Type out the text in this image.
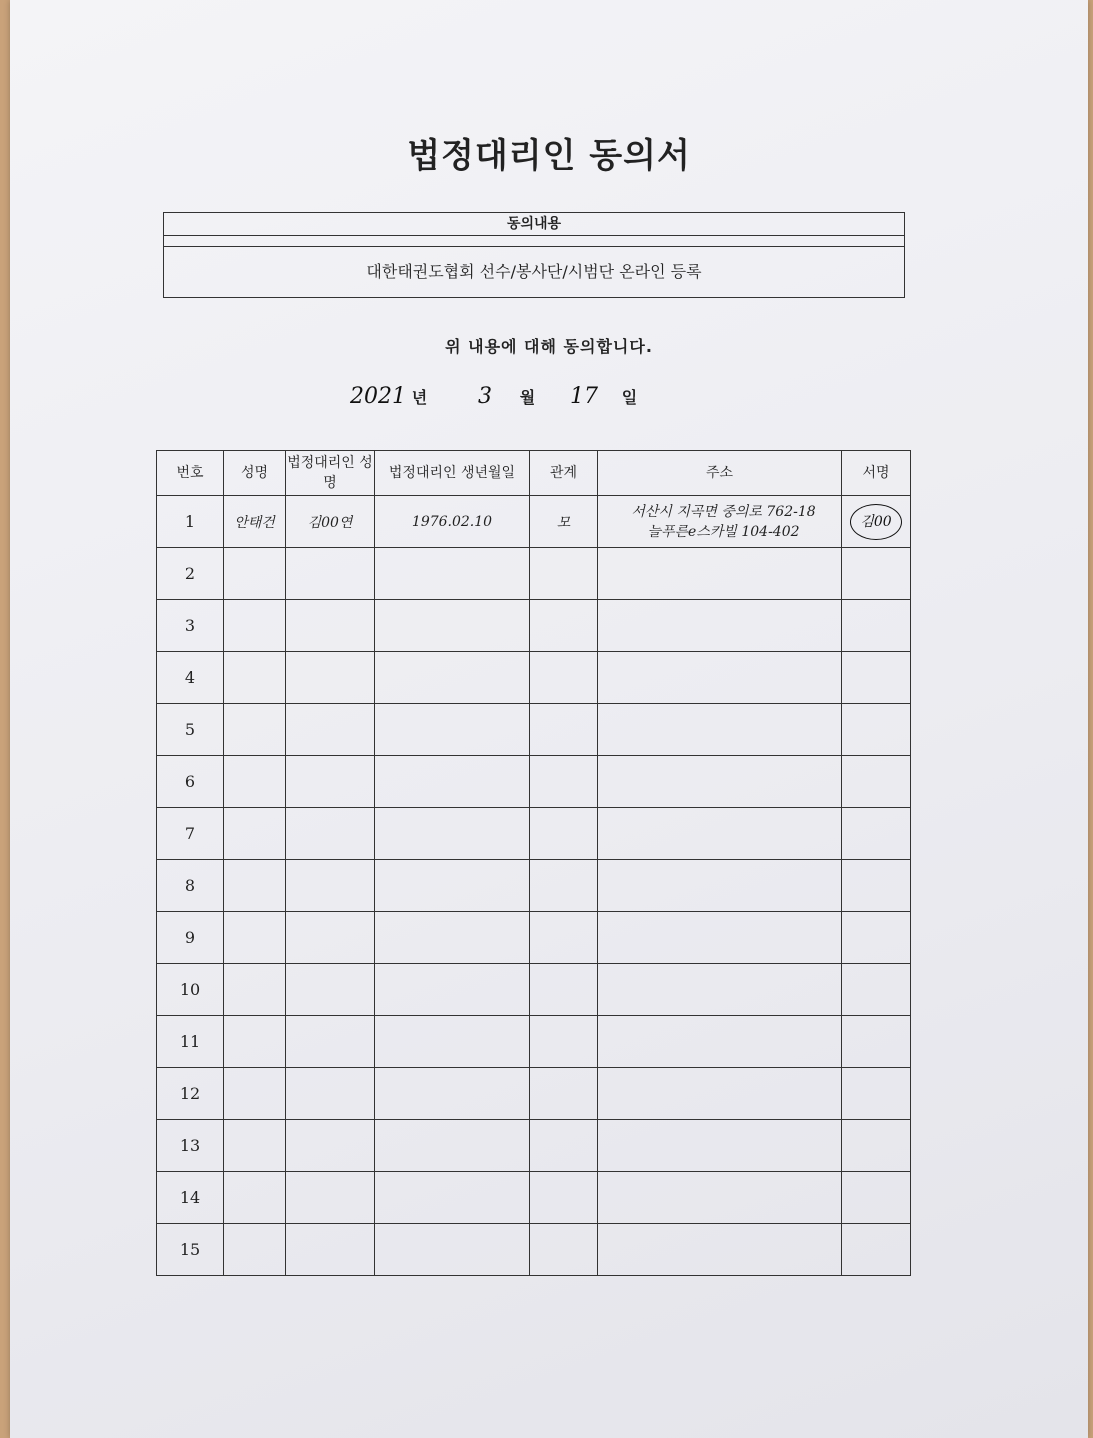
법정대리인 동의서
동의내용
대한태권도협회 선수/봉사단/시범단 온라인 등록
위 내용에 대해 동의합니다.
2021 년 3 월 17 일
번호	성명	법정대리인 성명	법정대리인 생년월일	관계	주소	서명
1	안태건	김00연	1976.02.10	모	서산시 지곡면 중의로 762-18
늘푸른e스카빌 104-402	김00
2						
3						
4						
5						
6						
7						
8						
9						
10						
11						
12						
13						
14						
15						
